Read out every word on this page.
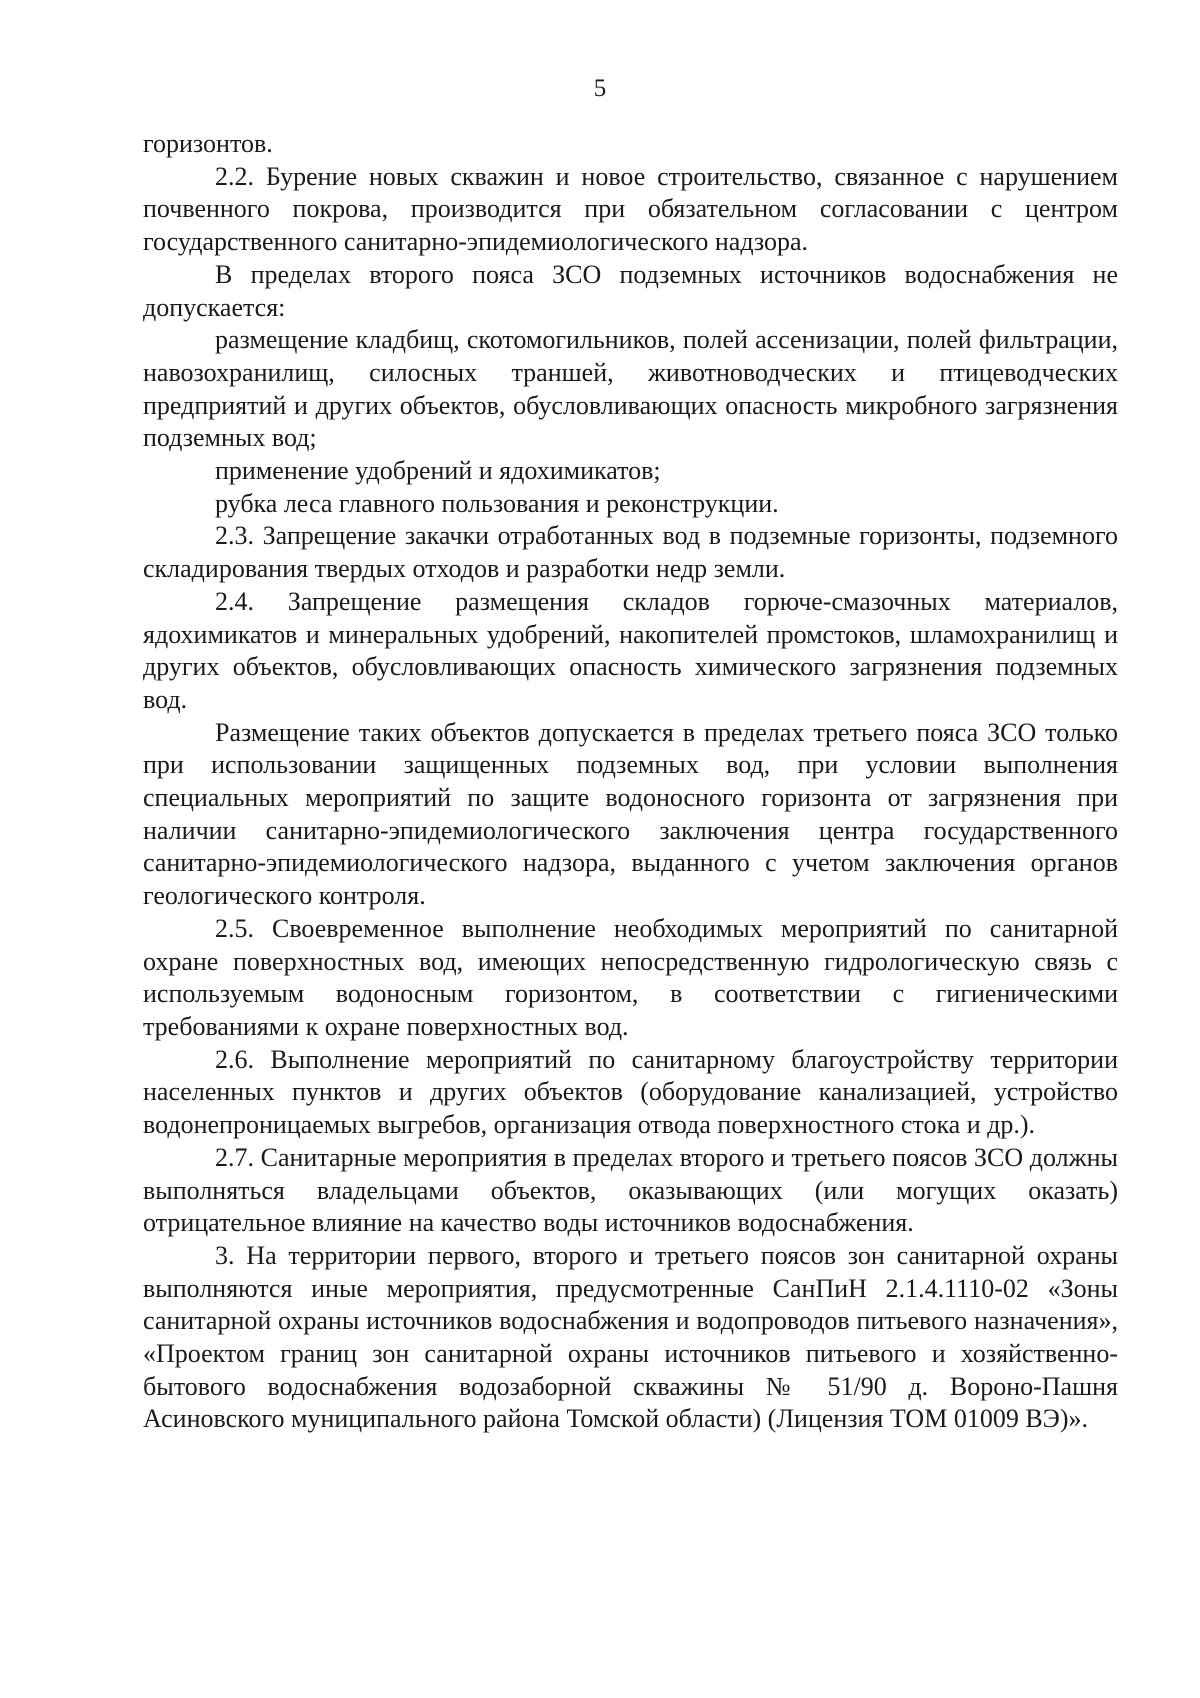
5

горизонтов.

2.2. Бурение новых скважин и новое строительство, связанное с нарушением почвенного покрова, производится при обязательном согласовании с центром государственного санитарно-эпидемиологического надзора.

В пределах второго пояса ЗСО подземных источников водоснабжения не допускается:

размещение кладбищ, скотомогильников, полей ассенизации, полей фильтрации, навозохранилищ, силосных траншей, животноводческих и птицеводческих предприятий и других объектов, обусловливающих опасность микробного загрязнения подземных вод;

применение удобрений и ядохимикатов;

рубка леса главного пользования и реконструкции.

2.3. Запрещение закачки отработанных вод в подземные горизонты, подземного складирования твердых отходов и разработки недр земли.

2.4. Запрещение размещения складов горюче-смазочных материалов, ядохимикатов и минеральных удобрений, накопителей промстоков, шламохранилищ и других объектов, обусловливающих опасность химического загрязнения подземных вод.

Размещение таких объектов допускается в пределах третьего пояса ЗСО только при использовании защищенных подземных вод, при условии выполнения специальных мероприятий по защите водоносного горизонта от загрязнения при наличии санитарно-эпидемиологического заключения центра государственного санитарно-эпидемиологического надзора, выданного с учетом заключения органов геологического контроля.

2.5. Своевременное выполнение необходимых мероприятий по санитарной охране поверхностных вод, имеющих непосредственную гидрологическую связь с используемым водоносным горизонтом, в соответствии с гигиеническими требованиями к охране поверхностных вод.

2.6. Выполнение мероприятий по санитарному благоустройству территории населенных пунктов и других объектов (оборудование канализацией, устройство водонепроницаемых выгребов, организация отвода поверхностного стока и др.).

2.7. Санитарные мероприятия в пределах второго и третьего поясов ЗСО должны выполняться владельцами объектов, оказывающих (или могущих оказать) отрицательное влияние на качество воды источников водоснабжения.

3. На территории первого, второго и третьего поясов зон санитарной охраны выполняются иные мероприятия, предусмотренные СанПиН 2.1.4.1110-02 «Зоны санитарной охраны источников водоснабжения и водопроводов питьевого назначения», «Проектом границ зон санитарной охраны источников питьевого и хозяйственно-бытового водоснабжения водозаборной скважины № 51/90 д. Вороно-Пашня Асиновского муниципального района Томской области) (Лицензия ТОМ 01009 ВЭ)».
